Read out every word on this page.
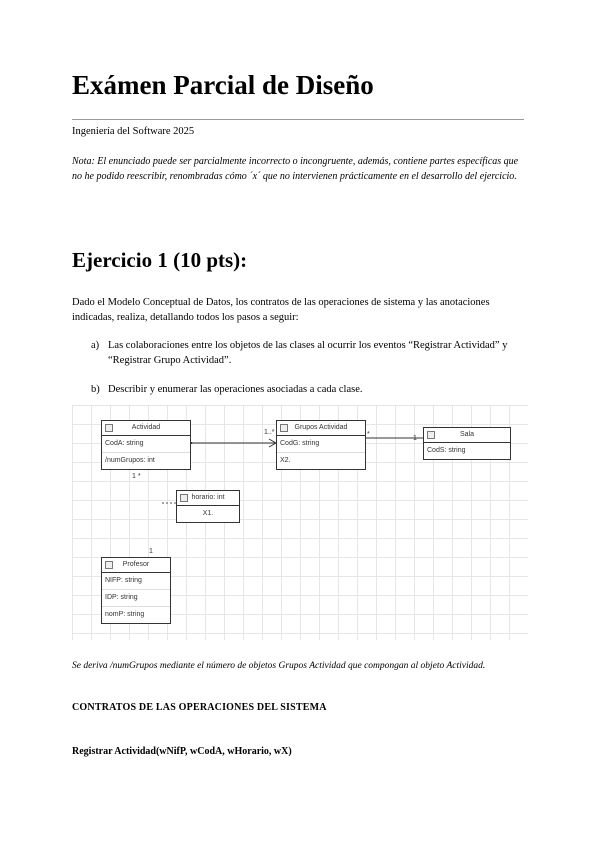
Exámen Parcial de Diseño
Ingeniería del Software 2025
Nota: El enunciado puede ser parcialmente incorrecto o incongruente, además, contiene partes específicas que no he podido reescribir, renombradas cómo ´x´ que no intervienen prácticamente en el desarrollo del ejercicio.
Ejercicio 1 (10 pts):
Dado el Modelo Conceptual de Datos, los contratos de las operaciones de sistema y las anotaciones indicadas, realiza, detallando todos los pasos a seguir:
a) Las colaboraciones entre los objetos de las clases al ocurrir los eventos “Registrar Actividad” y “Registrar Grupo Actividad”.
b) Describir y enumerar las operaciones asociadas a cada clase.
Actividad
CodA: string
/numGrupos: int
Grupos Actividad
CodG: string
X2.
Sala
CodS: string
horario: int
X1.
Profesor
NIFP: string
IDP: string
nomP: string
1..*	*
1
1 *
1
Se deriva /numGrupos mediante el número de objetos Grupos Actividad que compongan al objeto Actividad.
CONTRATOS DE LAS OPERACIONES DEL SISTEMA
Registrar Actividad(wNifP, wCodA, wHorario, wX)
